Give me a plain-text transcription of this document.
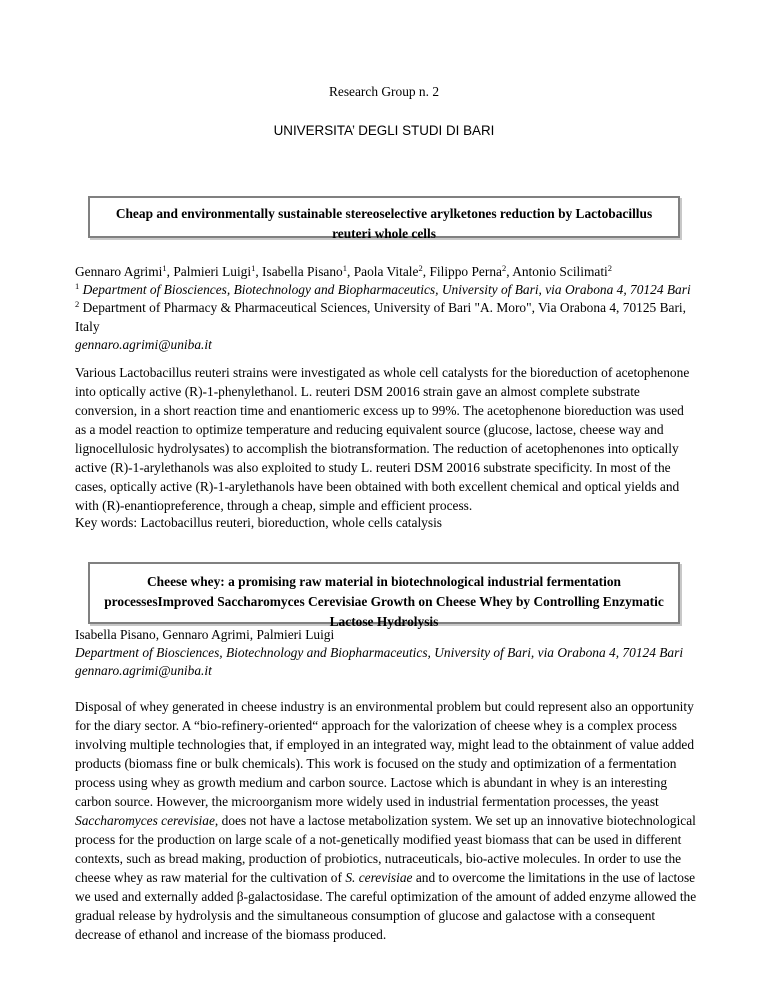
Research Group n. 2
UNIVERSITA’ DEGLI STUDI DI BARI
Cheap and environmentally sustainable stereoselective arylketones reduction by Lactobacillus reuteri whole cells
Gennaro Agrimi$^1$, Palmieri Luigi$^1$, Isabella Pisano$^1$, Paola Vitale$^2$, Filippo Perna$^2$, Antonio Scilimati$^2$
$^1$ Department of Biosciences, Biotechnology and Biopharmaceutics, University of Bari, via Orabona 4, 70124 Bari
$^2$ Department of Pharmacy & Pharmaceutical Sciences, University of Bari "A. Moro", Via Orabona 4, 70125 Bari, Italy
gennaro.agrimi@uniba.it
Various Lactobacillus reuteri strains were investigated as whole cell catalysts for the bioreduction of acetophenone into optically active (R)-1-phenylethanol. L. reuteri DSM 20016 strain gave an almost complete substrate conversion, in a short reaction time and enantiomeric excess up to 99%. The acetophenone bioreduction was used as a model reaction to optimize temperature and reducing equivalent source (glucose, lactose, cheese way and lignocellulosic hydrolysates) to accomplish the biotransformation. The reduction of acetophenones into optically active (R)-1-arylethanols was also exploited to study L. reuteri DSM 20016 substrate specificity. In most of the cases, optically active (R)-1-arylethanols have been obtained with both excellent chemical and optical yields and with (R)-enantiopreference, through a cheap, simple and efficient process.
Key words: Lactobacillus reuteri, bioreduction, whole cells catalysis
Cheese whey: a promising raw material in biotechnological industrial fermentation processesImproved Saccharomyces Cerevisiae Growth on Cheese Whey by Controlling Enzymatic Lactose Hydrolysis
Isabella Pisano, Gennaro Agrimi, Palmieri Luigi
Department of Biosciences, Biotechnology and Biopharmaceutics, University of Bari, via Orabona 4, 70124 Bari
gennaro.agrimi@uniba.it
Disposal of whey generated in cheese industry is an environmental problem but could represent also an opportunity for the diary sector. A “bio-refinery-oriented“ approach for the valorization of cheese whey is a complex process involving multiple technologies that, if employed in an integrated way, might lead to the obtainment of value added products (biomass fine or bulk chemicals). This work is focused on the study and optimization of a fermentation process using whey as growth medium and carbon source. Lactose which is abundant in whey is an interesting carbon source. However, the microorganism more widely used in industrial fermentation processes, the yeast Saccharomyces cerevisiae, does not have a lactose metabolization system. We set up an innovative biotechnological process for the production on large scale of a not-genetically modified yeast biomass that can be used in different contexts, such as bread making, production of probiotics, nutraceuticals, bio-active molecules. In order to use the cheese whey as raw material for the cultivation of S. cerevisiae and to overcome the limitations in the use of lactose we used and externally added β-galactosidase. The careful optimization of the amount of added enzyme allowed the gradual release by hydrolysis and the simultaneous consumption of glucose and galactose with a consequent decrease of ethanol and increase of the biomass produced.
